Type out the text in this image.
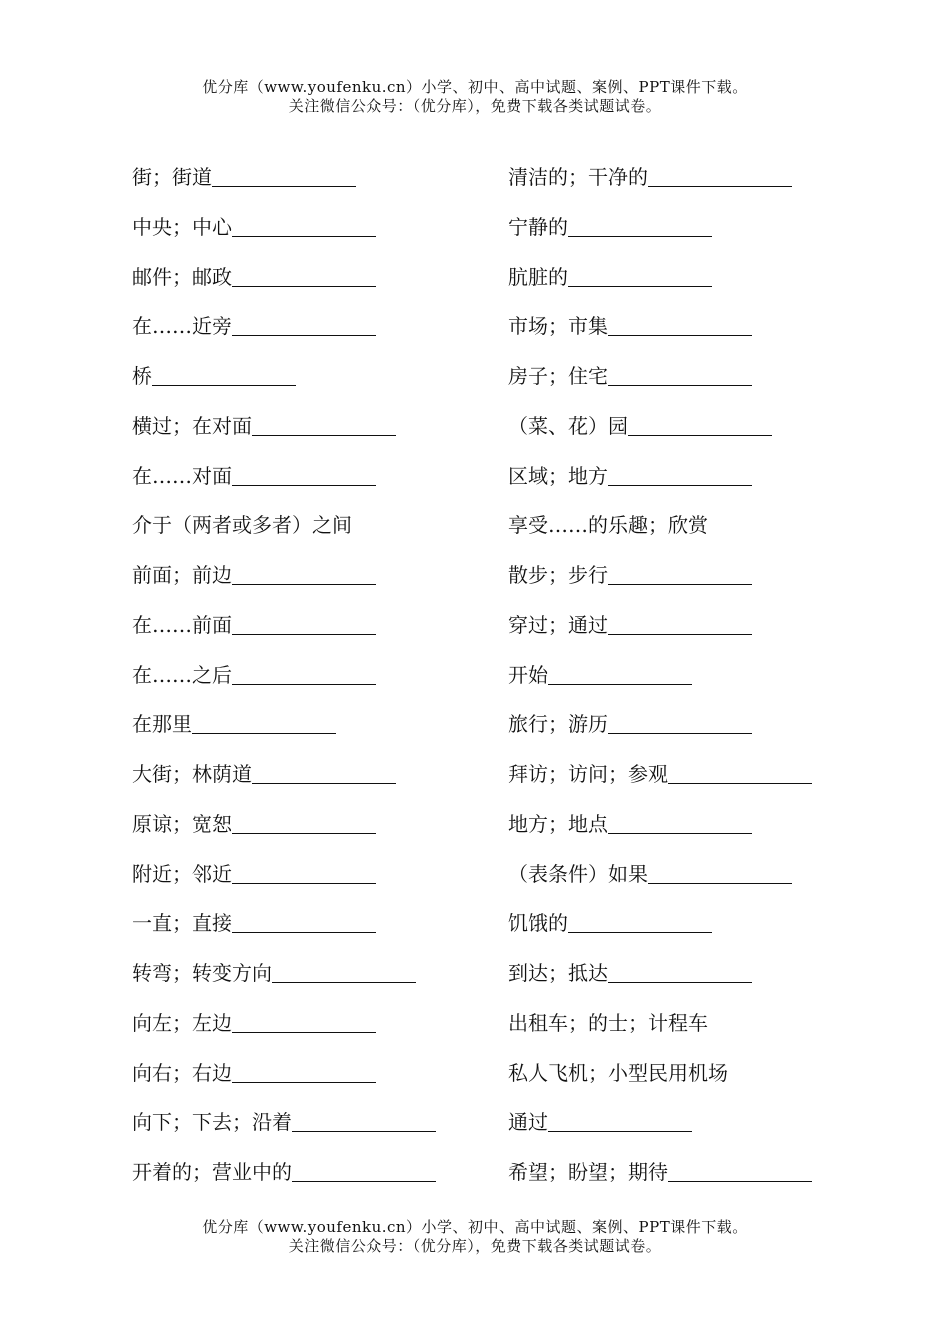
优分库（www.youfenku.cn）小学、初中、高中试题、案例、PPT课件下载。
关注微信公众号：（优分库），免费下载各类试题试卷。
街；街道
中央；中心
邮件；邮政
在……近旁
桥
横过；在对面
在……对面
介于（两者或多者）之间
前面；前边
在……前面
在……之后
在那里
大街；林荫道
原谅；宽恕
附近；邻近
一直；直接
转弯；转变方向
向左；左边
向右；右边
向下；下去；沿着
开着的；营业中的
清洁的；干净的
宁静的
肮脏的
市场；市集
房子；住宅
（菜、花）园
区域；地方
享受……的乐趣；欣赏
散步；步行
穿过；通过
开始
旅行；游历
拜访；访问；参观
地方；地点
（表条件）如果
饥饿的
到达；抵达
出租车；的士；计程车
私人飞机；小型民用机场
通过
希望；盼望；期待
优分库（www.youfenku.cn）小学、初中、高中试题、案例、PPT课件下载。
关注微信公众号：（优分库），免费下载各类试题试卷。
